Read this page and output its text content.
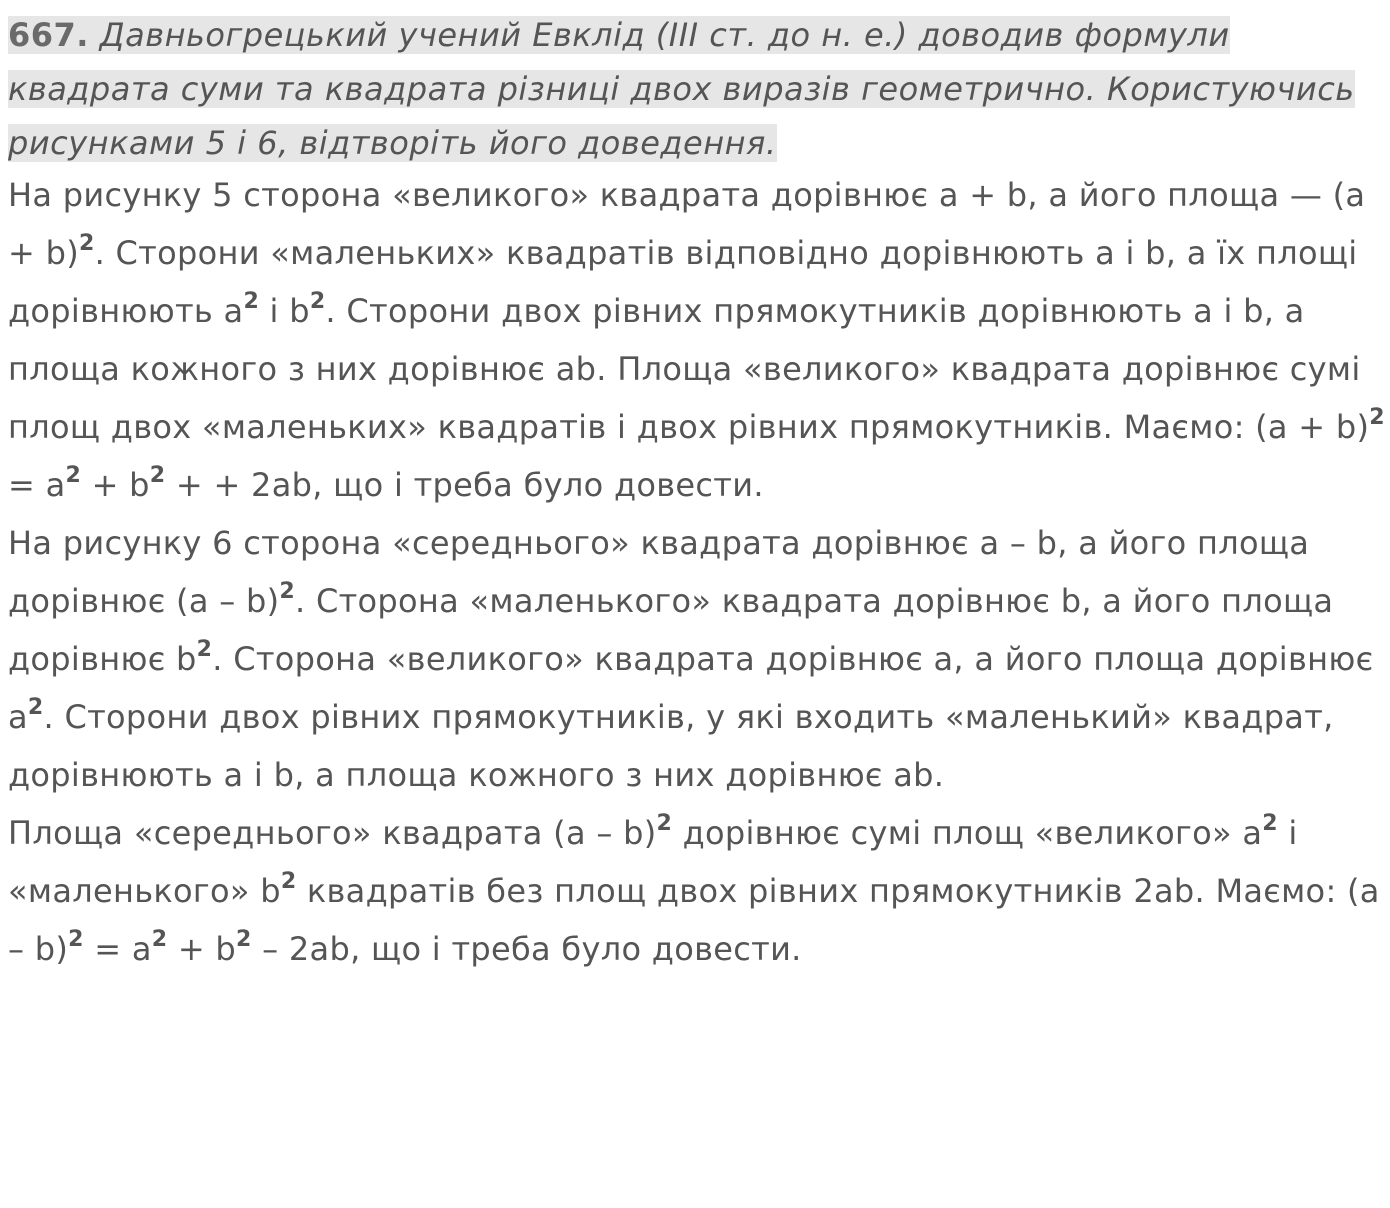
667. Давньогрецький учений Евклід (III ст. до н. е.) доводив формули квадрата суми та квадрата різниці двох виразів геометрично. Користуючись рисунками 5 і 6, відтворіть його доведення.

На рисунку 5 сторона «великого» квадрата дорівнює a + b, а його площа — $(a + b)^2$. Сторони «маленьких» квадратів відповідно дорівнюють a і b, а їх площі дорівнюють $a^2$ і $b^2$. Сторони двох рівних прямокутників дорівнюють a і b, а площа кожного з них дорівнює ab. Площа «великого» квадрата дорівнює сумі площ двох «маленьких» квадратів і двох рівних прямокутників. Маємо: $(a + b)^2 = a^2 + b^2$ + + 2ab, що і треба було довести.

На рисунку 6 сторона «середнього» квадрата дорівнює a – b, а його площа дорівнює (a – b)$^2$. Сторона «маленького» квадрата дорівнює b, а його площа дорівнює $b^2$. Сторона «великого» квадрата дорівнює a, а його площа дорівнює $a^2$. Сторони двох рівних прямокутників, у які входить «маленький» квадрат, дорівнюють a і b, а площа кожного з них дорівнює ab.

Площа «середнього» квадрата (a – b)$^2$ дорівнює сумі площ «великого» $a^2$ і «маленького» $b^2$ квадратів без площ двох рівних прямокутників 2ab. Маємо: $(a - b)^2 = a^2 + b^2 - 2ab$, що і треба було довести.
